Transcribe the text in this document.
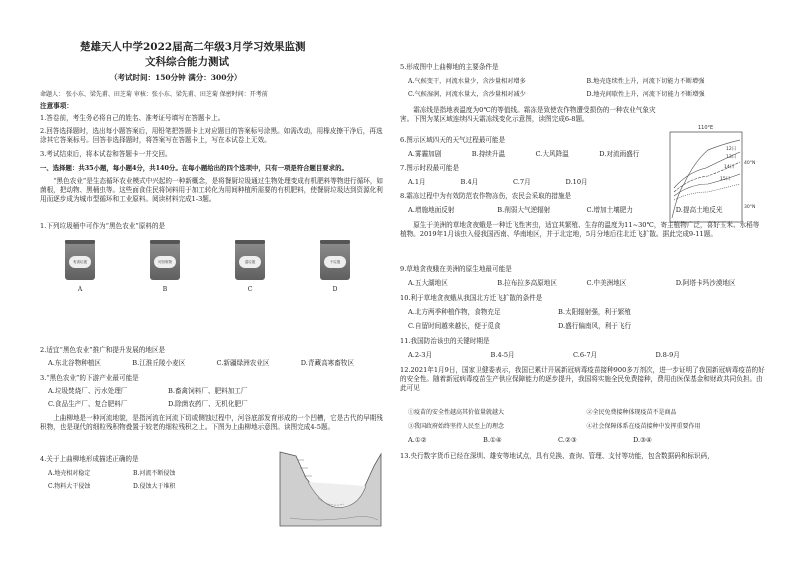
楚雄天人中学2022届高二年级3月学习效果监测
文科综合能力测试
（考试时间：150分钟 满分：300分）
命题人： 张小东、梁先甫、田芝菊 审核：张小东、梁先甫、田芝菊 保密时间：开考前
注意事项：
1.答卷前，考生务必将自己的姓名、准考证号填写在答题卡上。
2.回答选择题时，选出每小题答案后，用铅笔把答题卡上对应题目的答案标号涂黑。如需改动，用橡皮擦干净后，再选涂其它答案标号。回答非选择题时，将答案写在答题卡上，写在本试卷上无效。
3.考试结束后，将本试卷和答题卡一并交回。
一、选择题：共35小题，每小题4分，共140分。在每小题给出的四个选项中，只有一项是符合题目要求的。
“黑色农业”是生态循环农业模式中兴起的一种新概念，是将餐厨垃圾通过生物处理变成有机肥料等物进行循环，如菌根，把动物、黑桶虫等。这些面食住民将饲料用于加工转化为用间种植所需要的有机肥料，使餐厨垃圾达到资源化利用而逐步成为城市型循环和工业原料。阅读材料完成1-3题。
1.下列垃圾桶中可作为“黑色农业”原料的是
有害垃圾
A
可回收物
B
湿垃圾
C
干垃圾
D
2.适宜“黑色农业”推广和提升发展的地区是
A.东北谷物种植区	B.江淮丘陵小麦区	C.新疆绿洲农业区	D.青藏高寒畜牧区
3.“黑色农业”的下游产业最可能是
A.垃圾焚烧厂、污水处理厂	B.畜禽饲料厂、肥料加工厂
C.食品生产厂、复合肥料厂	D.除菌农药厂、无机化肥厂
上曲柳地是一种河流地貌，是指河流在河流下切或侧蚀过程中，河谷底部发育形成的一个凹槽，它是古代的早期残积物，也是现代的细粒残积物叠置于较老的细粒残积之上。下图为上曲柳地示意图。读图完成4-5题。
4.关于上曲柳地形成描述正确的是
A.地壳相对稳定	B.河流不断侵蚀
C.物料大干侵蚀	D.侵蚀大于堆积
5.形成图中上曲柳地的主要条件是
A.气候变干，河流水量少，含沙量相对增多	B.地壳连续性上升，河流下切能力不断增强
C.气候湿润，河流水量大，含沙量相对减少	D.地壳间歇性上升，河流下切能力不断增强
霜冻线是指地表温度为0℃的等值线。霜冻是致使农作物遭受损伤的一种农业气象灾害。下图为某区域连续四天霜冻线变化示意图，读图完成6-8题。
110°E
12日
13日
14日
15日
40°N
30°N
6.图示区域四天的天气过程最可能是
A.雾霾加剧	B.持续升温	C.大风降温	D.对流雨盛行
7.图示时段最可能是
A.1月	B.4月	C.7月	D.10月
8.霜冻过程中为有效防范农作物冻伤，农民会采取的措施是
A.增施地面反射	B.削弱大气逆辐射	C.增加土壤肥力	D.提高土地反光
原生于美洲的草地贪夜蛾是一种迁飞性害虫，适宜其繁殖、生存的温度为11~30℃，寄主植物广泛，喜好玉米、水稻等植物。2019年1月该虫入侵我国西南、华南地区，并于北定地，5月分地后往北迁飞扩散。据此完成9-11题。
9.草地贪夜蛾在美洲的原生地最可能是
A.五大湖地区	B.拉布拉多高原地区	C.中美洲地区	D.阿塔卡玛沙漠地区
10.利于草地贪夜蛾从我国北方迁飞扩散的条件是
A.北方两季种植作物，食物充足	B.太阳辐射强，利于繁殖
C.自留时间越来越长，便于觅食	D.盛行偏南风，利于飞行
11.我国防治该虫的关键时期是
A.2-3月	B.4-5月	C.6-7月	D.8-9月
12.2021年1月9日，国家卫健委表示，我国已累计开展新冠病毒疫苗接种900多万剂次，进一步证明了我国新冠病毒疫苗的好的安全性。随着新冠病毒疫苗生产供应保障能力的逐步提升，我国将实施全民免费接种，费用由医保基金和财政共同负担。由此可见
①疫苗的安全性越高其价值量就越大	②全民免费接种体现疫苗不是商品
③我国政府始终坚持人民至上的理念	④社会保障体系在疫苗接种中发挥重要作用
A.①②	B.①④	C.②③	D.③④
13.央行数字货币已经在深圳、雄安等地试点，具有兑换、查询、管理、支付等功能，包含数据码和标识码，
